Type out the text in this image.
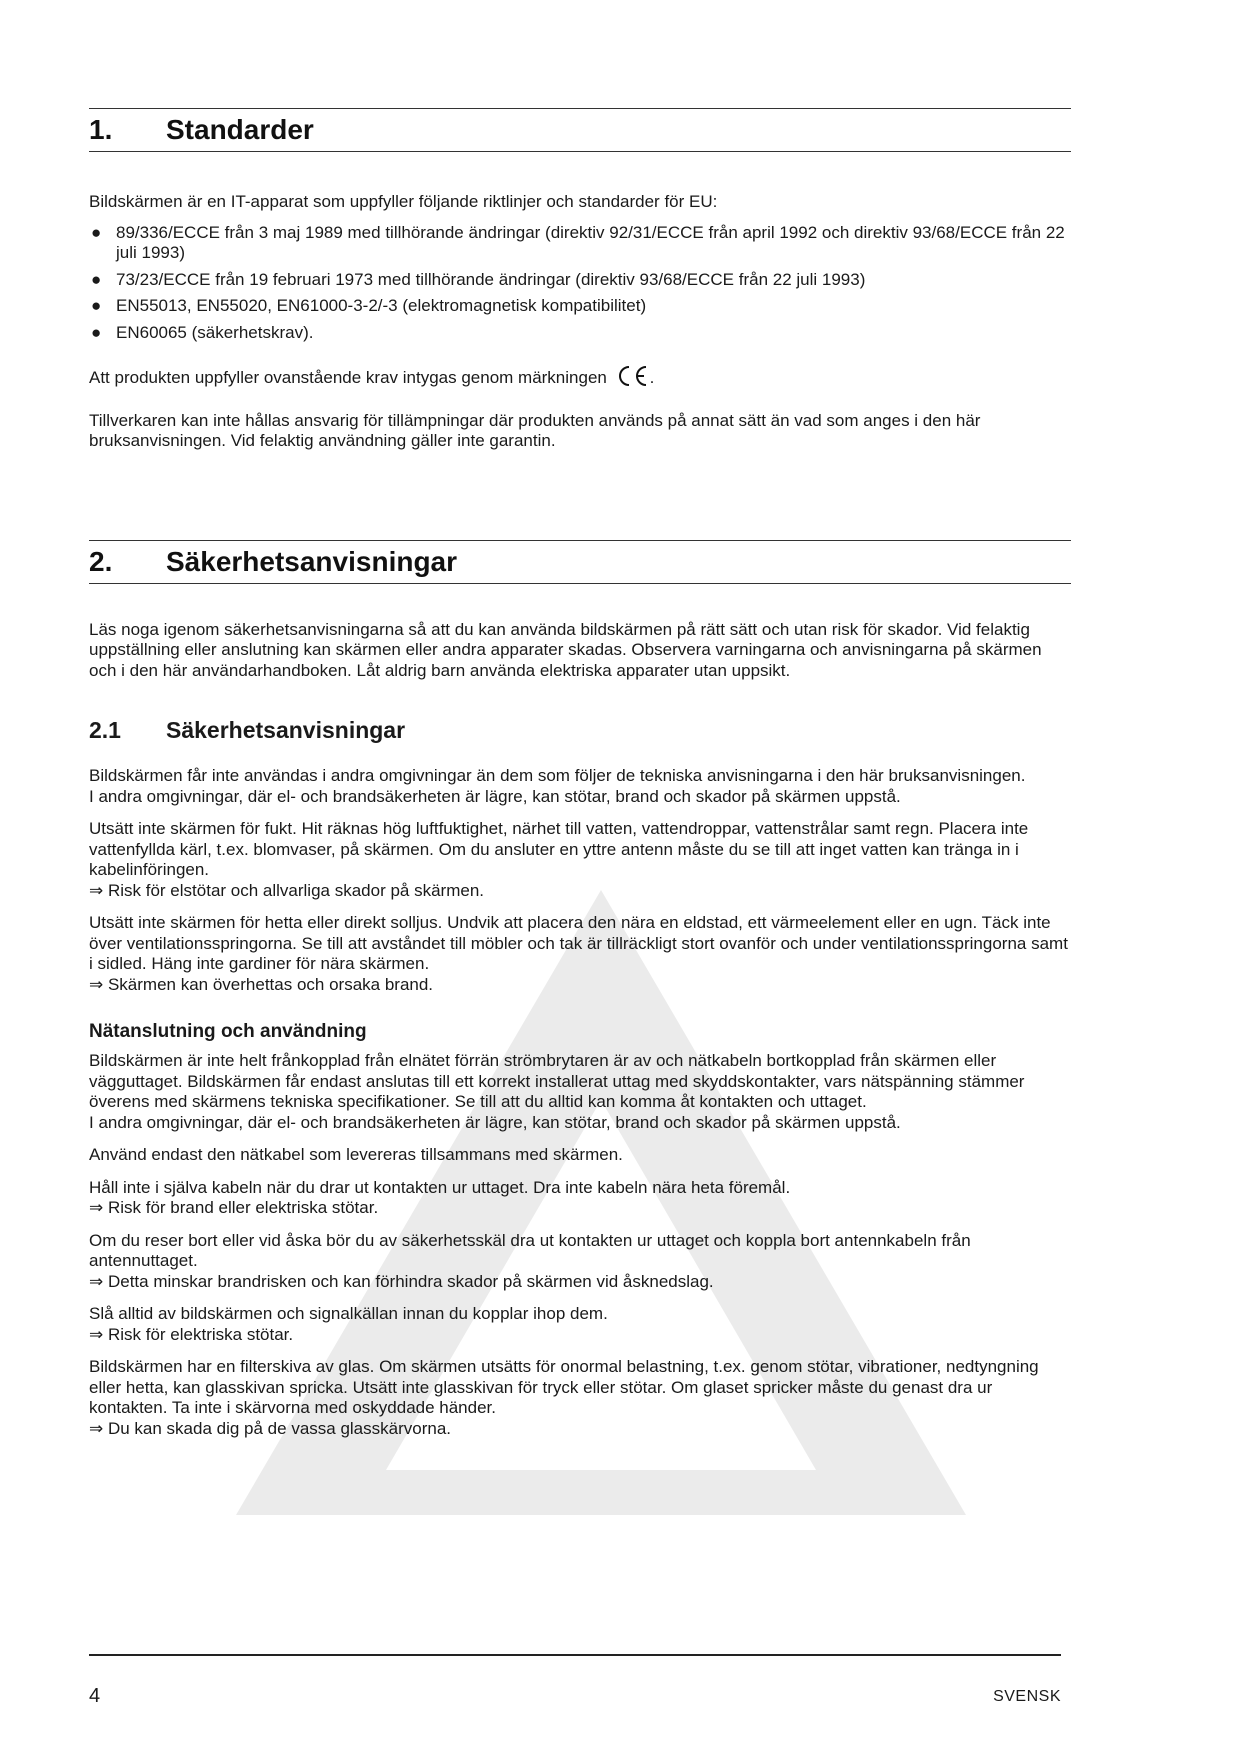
1.	Standarder

Bildskärmen är en IT-apparat som uppfyller följande riktlinjer och standarder för EU:

● 89/336/ECCE från 3 maj 1989 med tillhörande ändringar (direktiv 92/31/ECCE från april 1992 och direktiv 93/68/ECCE från 22 juli 1993)
● 73/23/ECCE från 19 februari 1973 med tillhörande ändringar (direktiv 93/68/ECCE från 22 juli 1993)
● EN55013, EN55020, EN61000-3-2/-3 (elektromagnetisk kompatibilitet)
● EN60065 (säkerhetskrav).

Att produkten uppfyller ovanstående krav intygas genom märkningen	.

Tillverkaren kan inte hållas ansvarig för tillämpningar där produkten används på annat sätt än vad som anges i den här bruksanvisningen. Vid felaktig användning gäller inte garantin.

2.	Säkerhetsanvisningar

Läs noga igenom säkerhetsanvisningarna så att du kan använda bildskärmen på rätt sätt och utan risk för skador. Vid felaktig uppställning eller anslutning kan skärmen eller andra apparater skadas. Observera varningarna och anvisningarna på skärmen och i den här användarhandboken. Låt aldrig barn använda elektriska apparater utan uppsikt.

2.1	Säkerhetsanvisningar

Bildskärmen får inte användas i andra omgivningar än dem som följer de tekniska anvisningarna i den här bruksanvisningen.
I andra omgivningar, där el- och brandsäkerheten är lägre, kan stötar, brand och skador på skärmen uppstå.

Utsätt inte skärmen för fukt. Hit räknas hög luftfuktighet, närhet till vatten, vattendroppar, vattenstrålar samt regn. Placera inte vattenfyllda kärl, t.ex. blomvaser, på skärmen. Om du ansluter en yttre antenn måste du se till att inget vatten kan tränga in i kabelinföringen.
⇒ Risk för elstötar och allvarliga skador på skärmen.

Utsätt inte skärmen för hetta eller direkt solljus. Undvik att placera den nära en eldstad, ett värmeelement eller en ugn. Täck inte över ventilationsspringorna. Se till att avståndet till möbler och tak är tillräckligt stort ovanför och under ventilationsspringorna samt i sidled. Häng inte gardiner för nära skärmen.
⇒ Skärmen kan överhettas och orsaka brand.

Nätanslutning och användning

Bildskärmen är inte helt frånkopplad från elnätet förrän strömbrytaren är av och nätkabeln bortkopplad från skärmen eller vägguttaget. Bildskärmen får endast anslutas till ett korrekt installerat uttag med skyddskontakter, vars nätspänning stämmer överens med skärmens tekniska specifikationer. Se till att du alltid kan komma åt kontakten och uttaget.
I andra omgivningar, där el- och brandsäkerheten är lägre, kan stötar, brand och skador på skärmen uppstå.

Använd endast den nätkabel som levereras tillsammans med skärmen.

Håll inte i själva kabeln när du drar ut kontakten ur uttaget. Dra inte kabeln nära heta föremål.
⇒ Risk för brand eller elektriska stötar.

Om du reser bort eller vid åska bör du av säkerhetsskäl dra ut kontakten ur uttaget och koppla bort antennkabeln från antennuttaget.
⇒ Detta minskar brandrisken och kan förhindra skador på skärmen vid åsknedslag.

Slå alltid av bildskärmen och signalkällan innan du kopplar ihop dem.
⇒ Risk för elektriska stötar.

Bildskärmen har en filterskiva av glas. Om skärmen utsätts för onormal belastning, t.ex. genom stötar, vibrationer, nedtyngning eller hetta, kan glasskivan spricka. Utsätt inte glasskivan för tryck eller stötar. Om glaset spricker måste du genast dra ur kontakten. Ta inte i skärvorna med oskyddade händer.
⇒ Du kan skada dig på de vassa glasskärvorna.

4	SVENSK
